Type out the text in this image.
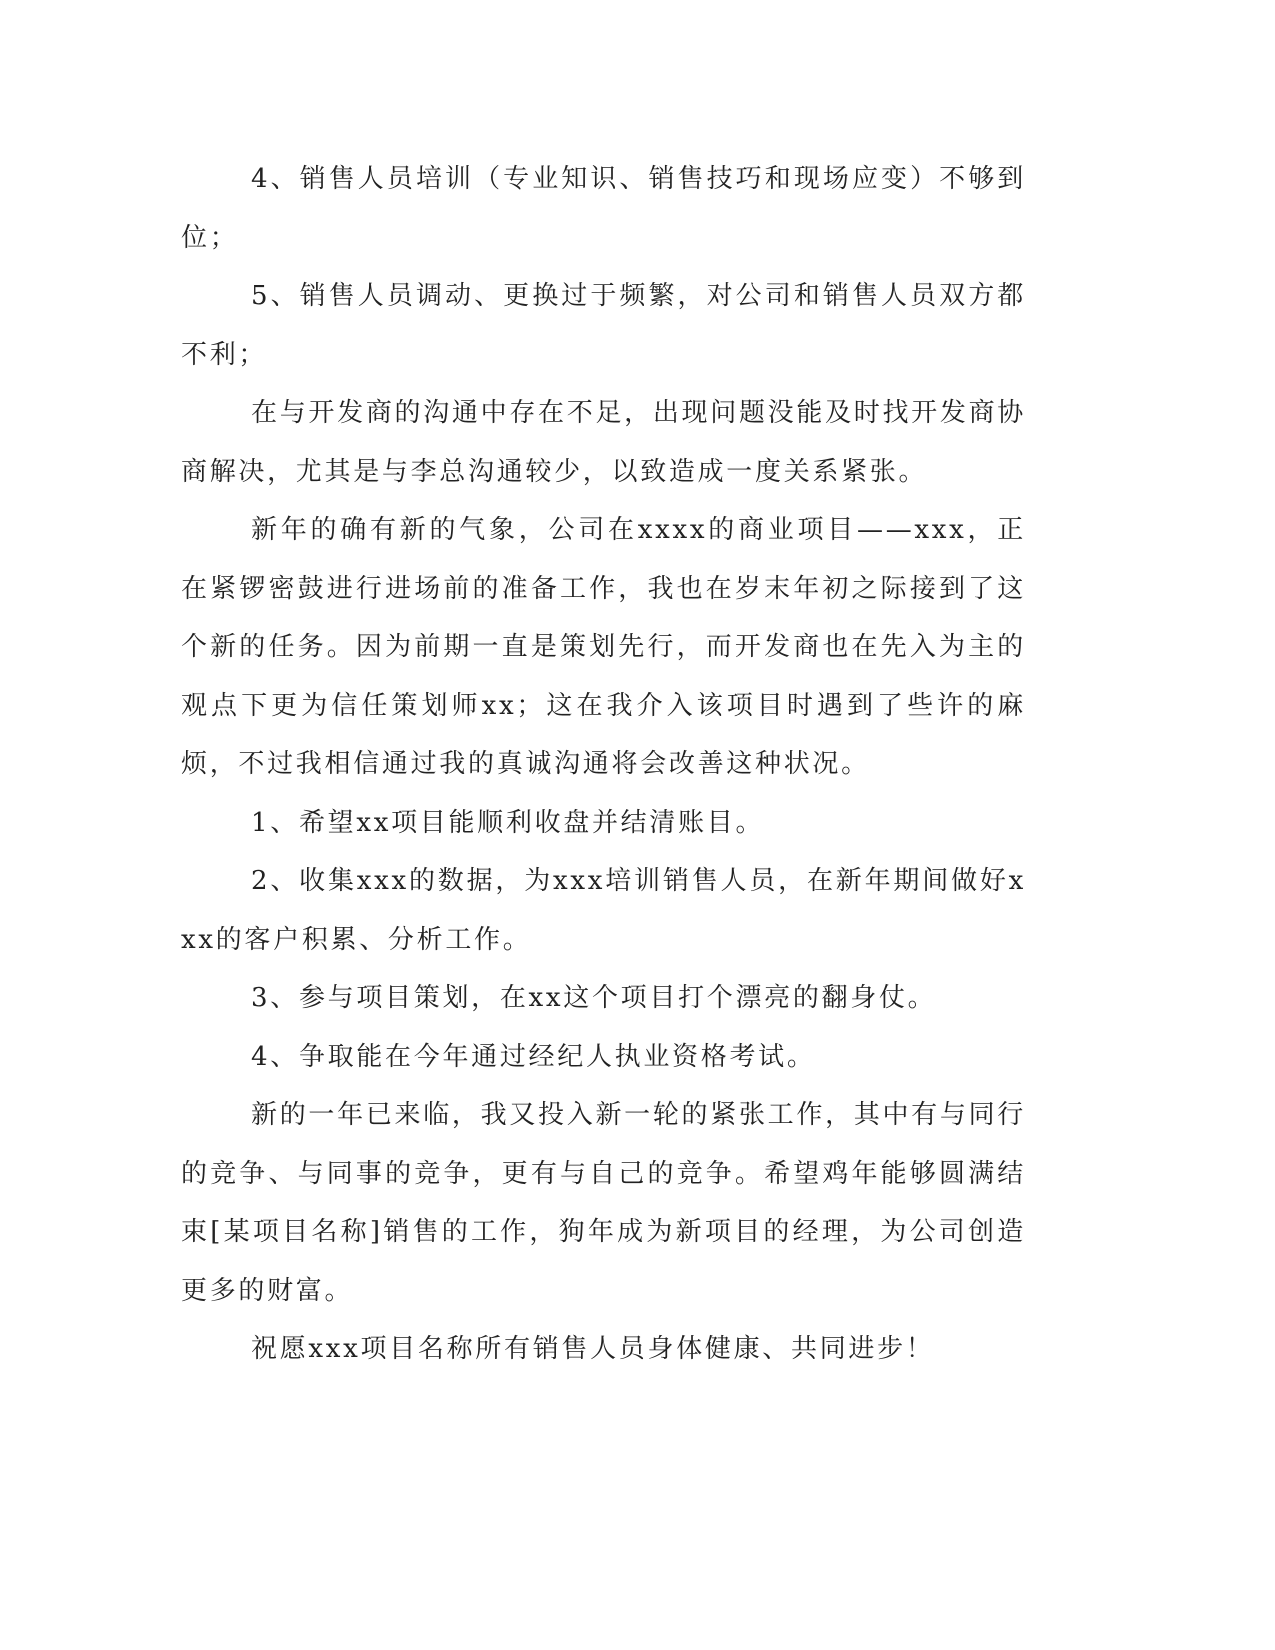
4、销售人员培训（专业知识、销售技巧和现场应变）不够到位；

5、销售人员调动、更换过于频繁，对公司和销售人员双方都不利；

在与开发商的沟通中存在不足，出现问题没能及时找开发商协商解决，尤其是与李总沟通较少，以致造成一度关系紧张。

新年的确有新的气象，公司在xxxx的商业项目——xxx，正在紧锣密鼓进行进场前的准备工作，我也在岁末年初之际接到了这个新的任务。因为前期一直是策划先行，而开发商也在先入为主的观点下更为信任策划师xx；这在我介入该项目时遇到了些许的麻烦，不过我相信通过我的真诚沟通将会改善这种状况。

1、希望xx项目能顺利收盘并结清账目。

2、收集xxx的数据，为xxx培训销售人员，在新年期间做好xxx的客户积累、分析工作。

3、参与项目策划，在xx这个项目打个漂亮的翻身仗。

4、争取能在今年通过经纪人执业资格考试。

新的一年已来临，我又投入新一轮的紧张工作，其中有与同行的竞争、与同事的竞争，更有与自己的竞争。希望鸡年能够圆满结束[某项目名称]销售的工作，狗年成为新项目的经理，为公司创造更多的财富。

祝愿xxx项目名称所有销售人员身体健康、共同进步！
